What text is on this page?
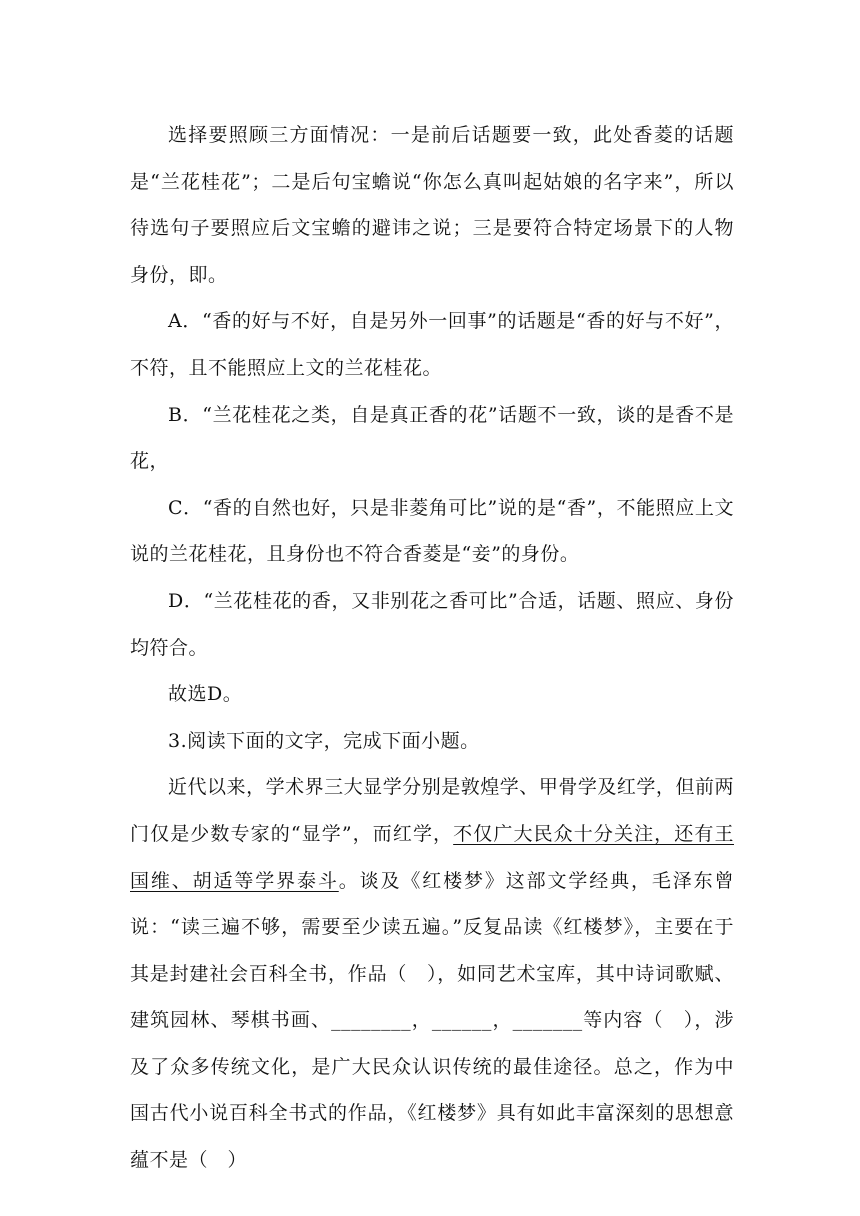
选择要照顾三方面情况：一是前后话题要一致，此处香菱的话题是“兰花桂花”；二是后句宝蟾说“你怎么真叫起姑娘的名字来”，所以待选句子要照应后文宝蟾的避讳之说；三是要符合特定场景下的人物身份，即。

A．“香的好与不好，自是另外一回事”的话题是“香的好与不好”，不符，且不能照应上文的兰花桂花。

B．“兰花桂花之类，自是真正香的花”话题不一致，谈的是香不是花，

C．“香的自然也好，只是非菱角可比”说的是“香”，不能照应上文说的兰花桂花，且身份也不符合香菱是“妾”的身份。

D．“兰花桂花的香，又非别花之香可比”合适，话题、照应、身份均符合。

故选D。

3.阅读下面的文字，完成下面小题。

近代以来，学术界三大显学分别是敦煌学、甲骨学及红学，但前两门仅是少数专家的“显学”，而红学，不仅广大民众十分关注，还有王国维、胡适等学界泰斗。谈及《红楼梦》这部文学经典，毛泽东曾说：“读三遍不够，需要至少读五遍。”反复品读《红楼梦》，主要在于其是封建社会百科全书，作品（　），如同艺术宝库，其中诗词歌赋、建筑园林、琴棋书画、________，______，_______等内容（　），涉及了众多传统文化，是广大民众认识传统的最佳途径。总之，作为中国古代小说百科全书式的作品，《红楼梦》具有如此丰富深刻的思想意蕴不是（　）
